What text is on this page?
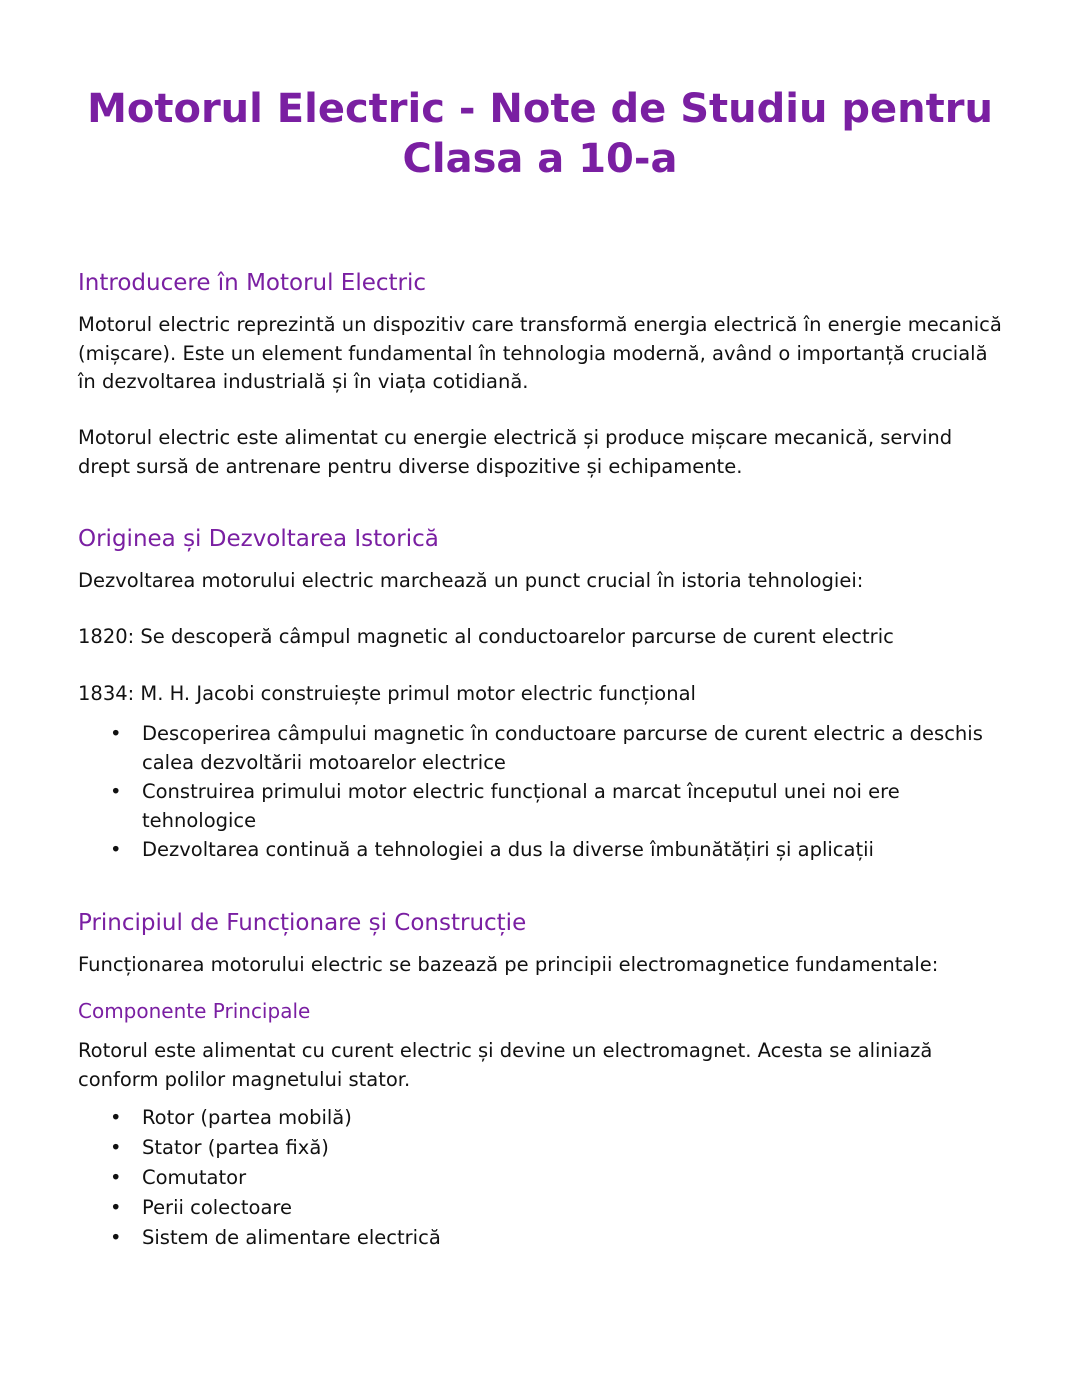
Motorul Electric - Note de Studiu pentru Clasa a 10-a
Introducere în Motorul Electric

Motorul electric reprezintă un dispozitiv care transformă energia electrică în energie mecanică (mișcare). Este un element fundamental în tehnologia modernă, având o importanță crucială în dezvoltarea industrială și în viața cotidiană.

Motorul electric este alimentat cu energie electrică și produce mișcare mecanică, servind drept sursă de antrenare pentru diverse dispozitive și echipamente.

Originea și Dezvoltarea Istorică

Dezvoltarea motorului electric marchează un punct crucial în istoria tehnologiei:

1820: Se descoperă câmpul magnetic al conductoarelor parcurse de curent electric

1834: M. H. Jacobi construiește primul motor electric funcțional

• Descoperirea câmpului magnetic în conductoare parcurse de curent electric a deschis calea dezvoltării motoarelor electrice
• Construirea primului motor electric funcțional a marcat începutul unei noi ere tehnologice
• Dezvoltarea continuă a tehnologiei a dus la diverse îmbunătățiri și aplicații
Principiul de Funcționare și Construcție

Funcționarea motorului electric se bazează pe principii electromagnetice fundamentale:

Componente Principale

Rotorul este alimentat cu curent electric și devine un electromagnet. Acesta se aliniază conform polilor magnetului stator.

• Rotor (partea mobilă)
• Stator (partea fixă)
• Comutator
• Perii colectoare
• Sistem de alimentare electrică
